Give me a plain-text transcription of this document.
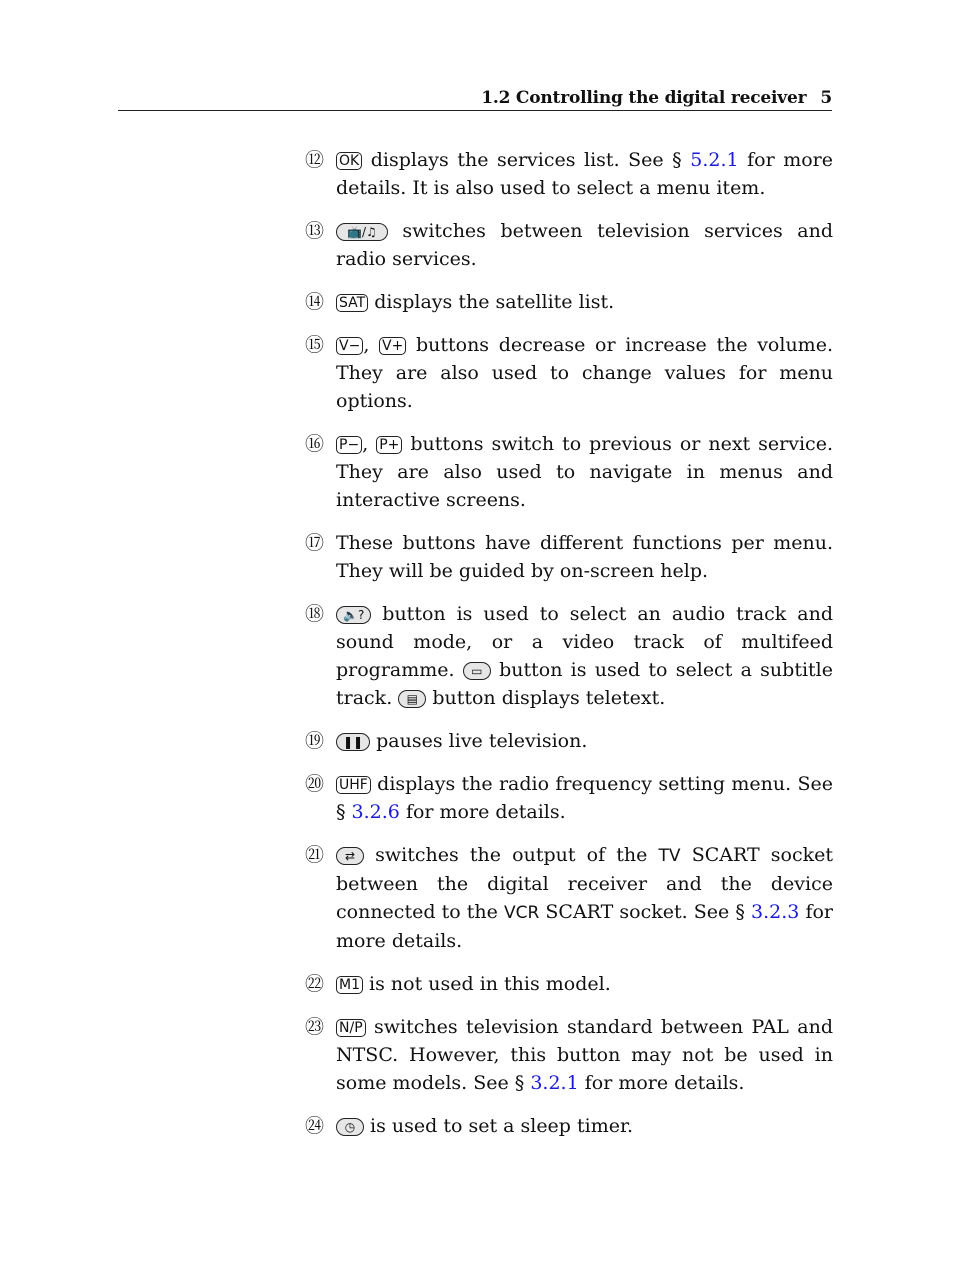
1.2 Controlling the digital receiver 5
⑫	OK displays the services list. See § 5.2.1 for more details. It is also used to select a menu item.
⑬	📺/♫ switches between television services and radio services.
⑭	SAT displays the satellite list.
⑮	V− , V+ buttons decrease or increase the volume. They are also used to change values for menu options.
⑯	P− , P+ buttons switch to previous or next service. They are also used to navigate in menus and interactive screens.
⑰ These buttons have different functions per menu. They will be guided by on-screen help.
⑱	🔈? button is used to select an audio track and sound mode, or a video track of multifeed programme. ▭ button is used to select a subtitle track. ▤ button displays teletext.
⑲	❚❚ pauses live television.
⑳	UHF displays the radio frequency setting menu. See § 3.2.6 for more details.
㉑	⇄ switches the output of the TV SCART socket between the digital receiver and the device connected to the VCR SCART socket. See § 3.2.3 for more details.
㉒	M1 is not used in this model.
㉓	N/P switches television standard between PAL and NTSC. However, this button may not be used in some models. See § 3.2.1 for more details.
㉔	◷ is used to set a sleep timer.
